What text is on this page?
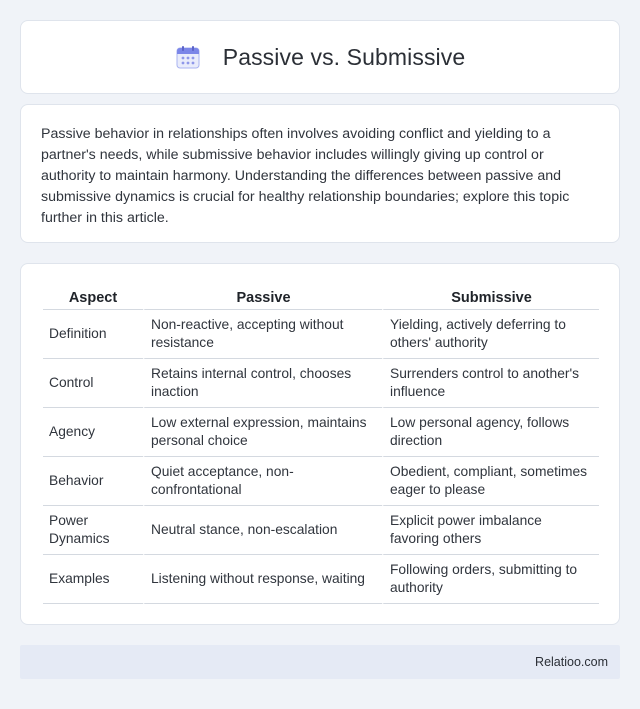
Passive vs. Submissive

Passive behavior in relationships often involves avoiding conflict and yielding to a partner's needs, while submissive behavior includes willingly giving up control or authority to maintain harmony. Understanding the differences between passive and submissive dynamics is crucial for healthy relationship boundaries; explore this topic further in this article.

Aspect	Passive	Submissive
Definition	Non-reactive, accepting without resistance	Yielding, actively deferring to others' authority
Control	Retains internal control, chooses inaction	Surrenders control to another's influence
Agency	Low external expression, maintains personal choice	Low personal agency, follows direction
Behavior	Quiet acceptance, non-confrontational	Obedient, compliant, sometimes eager to please
Power Dynamics	Neutral stance, non-escalation	Explicit power imbalance favoring others
Examples	Listening without response, waiting	Following orders, submitting to authority
Relatioo.com
